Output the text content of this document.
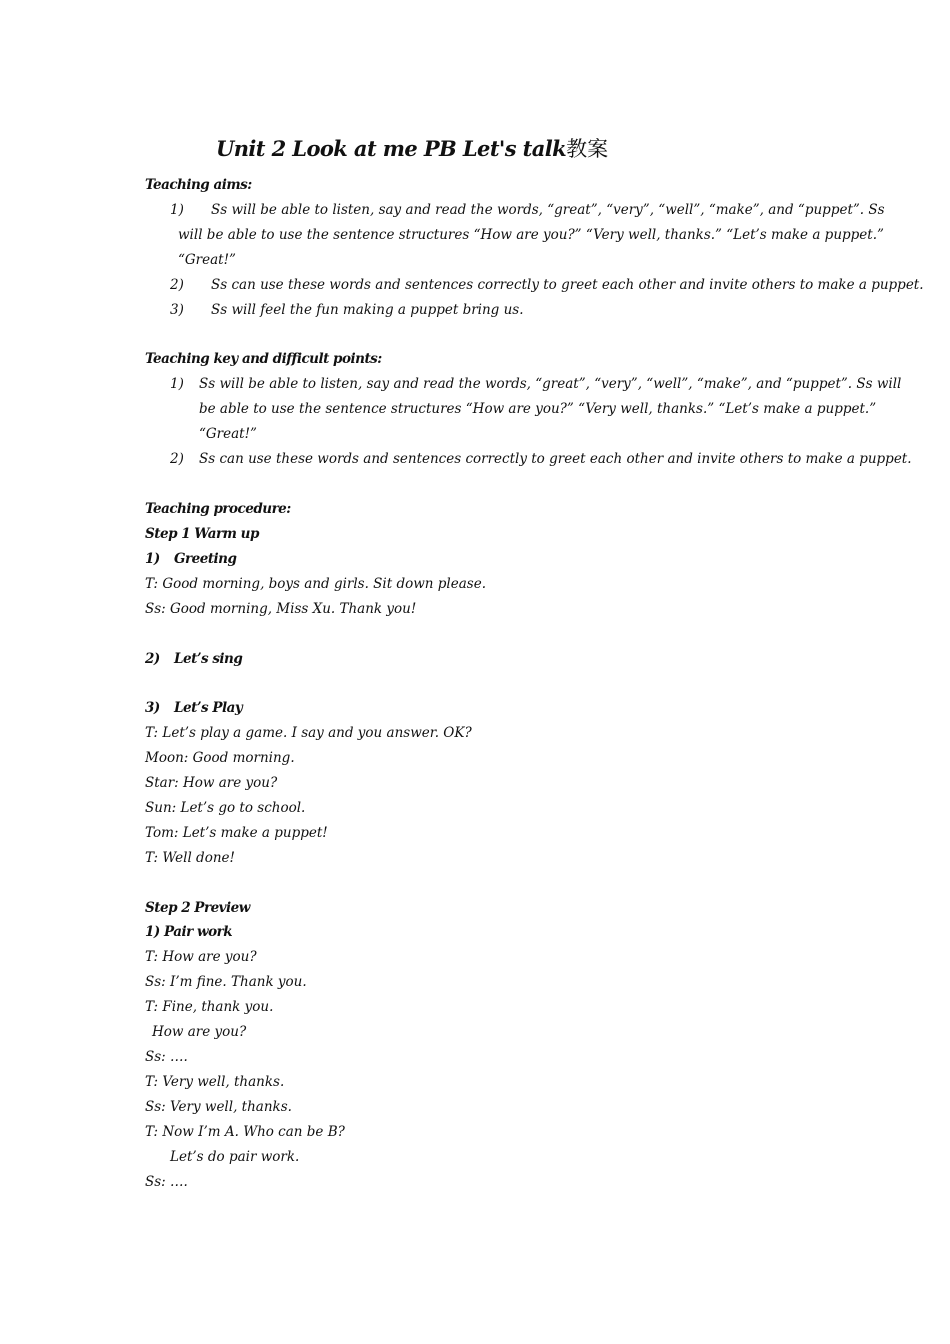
Unit 2 Look at me PB Let's talk教案
Teaching aims:
1) Ss will be able to listen, say and read the words, “great”, “very”, “well”, “make”, and “puppet”. Ss
will be able to use the sentence structures “How are you?” “Very well, thanks.” “Let’s make a puppet.”
“Great!”
2) Ss can use these words and sentences correctly to greet each other and invite others to make a puppet.
3) Ss will feel the fun making a puppet bring us.
Teaching key and difficult points:
1) Ss will be able to listen, say and read the words, “great”, “very”, “well”, “make”, and “puppet”. Ss will
be able to use the sentence structures “How are you?” “Very well, thanks.” “Let’s make a puppet.”
“Great!”
2) Ss can use these words and sentences correctly to greet each other and invite others to make a puppet.
Teaching procedure:
Step 1 Warm up
1) Greeting
T: Good morning, boys and girls. Sit down please.
Ss: Good morning, Miss Xu. Thank you!
2) Let’s sing
3) Let’s Play
T: Let’s play a game. I say and you answer. OK?
Moon: Good morning.
Star: How are you?
Sun: Let’s go to school.
Tom: Let’s make a puppet!
T: Well done!
Step 2 Preview
1) Pair work
T: How are you?
Ss: I’m fine. Thank you.
T: Fine, thank you.
How are you?
Ss: ….
T: Very well, thanks.
Ss: Very well, thanks.
T: Now I’m A. Who can be B?
Let’s do pair work.
Ss: ….
